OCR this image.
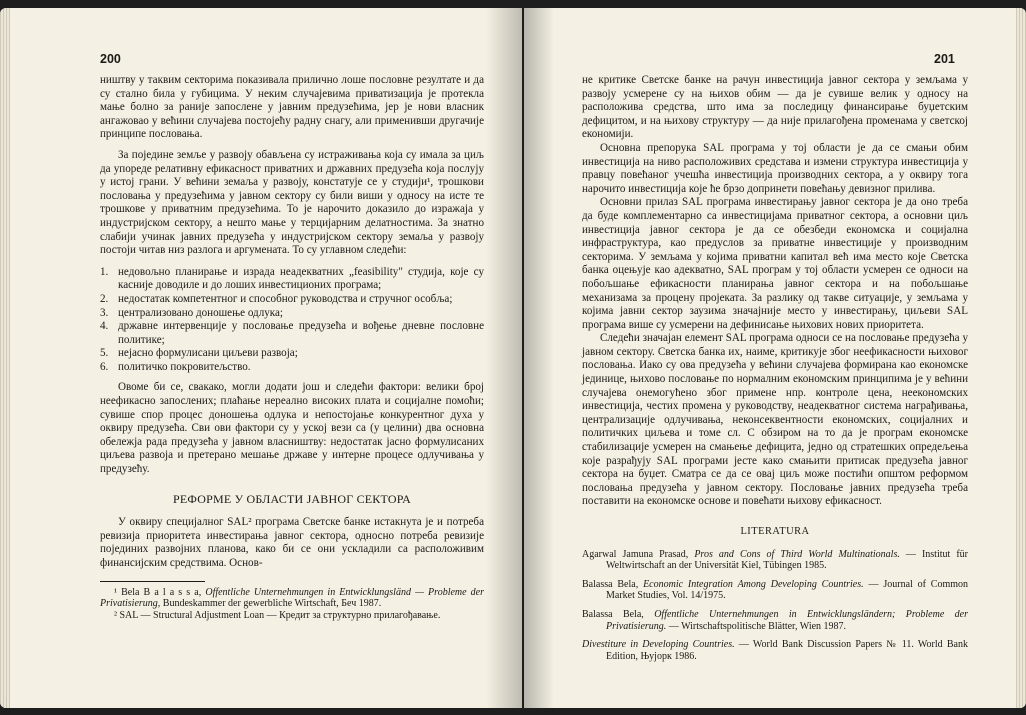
200

ништву у таквим секторима показивала прилично лоше пословне резултате и да су стално била у губицима. У неким случајевима приватизација је протекла мање болно за раније запослене у јавним предузећима, јер је нови власник ангажовао у већини случајева постојећу радну снагу, али применивши другачије принципе пословања.

За поједине земље у развоју обављена су истраживања која су имала за циљ да упореде релативну ефикасност приватних и државних предузећа која послују у истој грани. У већини земаља у развоју, констатује се у студији¹, трошкови пословања у предузећима у јавном сектору су били виши у односу на исте те трошкове у приватним предузећима. То је нарочито доказило до изражаја у индустријском сектору, а нешто мање у терцијарним делатностима. За знатно слабији учинак јавних предузећа у индустријском сектору земаља у развоју постоји читав низ разлога и аргумената. То су углавном следећи:

1. недовољно планирање и израда неадекватних „feasibility" студија, које су касније доводиле и до лоших инвестиционих програма;
2. недостатак компетентног и способног руководства и стручног особља;
3. централизовано доношење одлука;
4. државне интервенције у пословање предузећа и вођење дневне пословне политике;
5. нејасно формулисани циљеви развоја;
6. политичко покровитељство.

Овоме би се, свакако, могли додати још и следећи фактори: велики број неефикасно запослених; плаћање нереално високих плата и социјалне помоћи; сувише спор процес доношења одлука и непостојање конкурентног духа у оквиру предузећа. Сви ови фактори су у уској вези са (у целини) два основна обележја рада предузећа у јавном власништву: недостатак јасно формулисаних циљева развоја и претерано мешање државе у интерне процесе одлучивања у предузећу.

РЕФОРМЕ У ОБЛАСТИ ЈАВНОГ СЕКТОРА

У оквиру специјалног SAL² програма Светске банке истакнута је и потреба ревизија приоритета инвестирања јавног сектора, односно потреба ревизије појединих развојних планова, како би се они ускладили са расположивим финансијским средствима. Основ-

¹ Bela B a l a s s a, Offentliche Unternehmungen in Entwicklungsländ — Probleme der Privatisierung, Bundeskammer der gewerbliche Wirtschaft, Беч 1987.

² SAL — Structural Adjustment Loan — Кредит за структурно прилагођавање.

201

не критике Светске банке на рачун инвестиција јавног сектора у земљама у развоју усмерене су на њихов обим — да је сувише велик у односу на расположива средства, што има за последицу финансирање буџетским дефицитом, и на њихову структуру — да није прилагођена променама у светској економији.

Основна препорука SAL програма у тој области је да се смањи обим инвестиција на ниво расположивих средстава и измени структура инвестиција у правцу повећаног учешћа инвестиција производних сектора, а у оквиру тога нарочито инвестиција које ће брзо допринети повећању девизног прилива.

Основни прилаз SAL програма инвестирању јавног сектора је да оно треба да буде комплементарно са инвестицијама приватног сектора, а основни циљ инвестиција јавног сектора је да се обезбеди економска и социјална инфраструктура, као предуслов за приватне инвестиције у производним секторима. У земљама у којима приватни капитал већ има место које Светска банка оцењује као адекватно, SAL програм у тој области усмерен се односи на побољшање ефикасности планирања јавног сектора и на побољшање механизама за процену пројеката. За разлику од такве ситуације, у земљама у којима јавни сектор заузима значајније место у инвестирању, циљеви SAL програма више су усмерени на дефинисање њихових нових приоритета.

Следећи значајан елемент SAL програма односи се на пословање предузећа у јавном сектору. Светска банка их, наиме, критикује због неефикасности њиховог пословања. Иако су ова предузећа у већини случајева формирана као економске јединице, њихово пословање по нормалним економским принципима је у већини случајева онемогућено због примене нпр. контроле цена, неекономских инвестиција, честих промена у руководству, неадекватног система награђивања, централизације одлучивања, неконсеквентности економских, социјалних и политичких циљева и томе сл. С обзиром на то да је програм економске стабилизације усмерен на смањење дефицита, једно од стратешких опредељења које разрађују SAL програми јесте како смањити притисак предузећа јавног сектора на буџет. Сматра се да се овај циљ може постићи општом реформом пословања предузећа у јавном сектору. Пословање јавних предузећа треба поставити на економске основе и повећати њихову ефикасност.

LITERATURA
Agarwal Jamuna Prasad, Pros and Cons of Third World Multinationals. — Institut für Weltwirtschaft an der Universität Kiel, Tübingen 1985.
Balassa Bela, Economic Integration Among Developing Countries. — Journal of Common Market Studies, Vol. 14/1975.
Balassa Bela, Offentliche Unternehmungen in Entwicklungsländern; Probleme der Privatisierung. — Wirtschaftspolitische Blätter, Wien 1987.
Divestiture in Developing Countries. — World Bank Discussion Papers № 11. World Bank Edition, Њујорк 1986.
